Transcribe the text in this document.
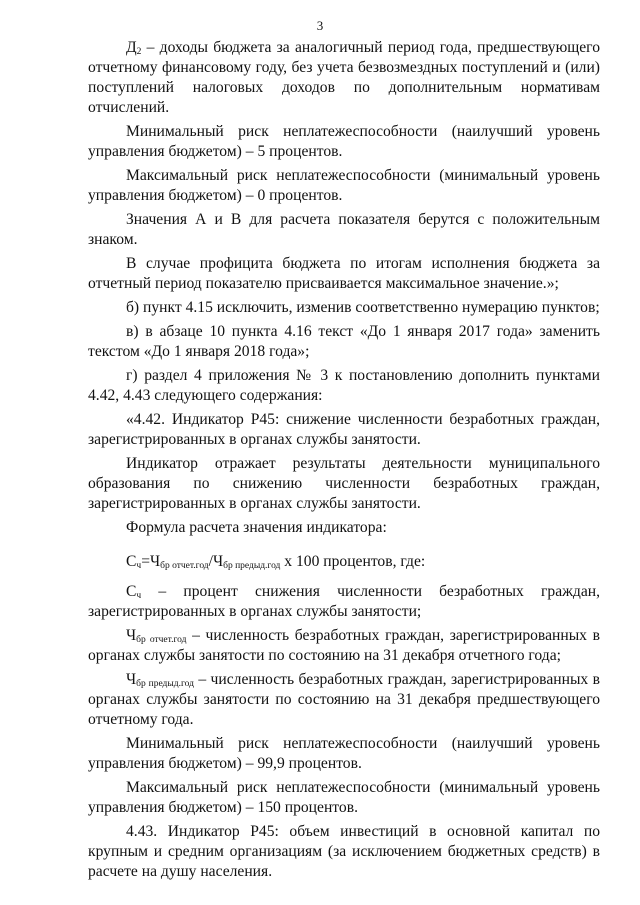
3

$Д_2$ – доходы бюджета за аналогичный период года, предшествующего отчетному финансовому году, без учета безвозмездных поступлений и (или) поступлений налоговых доходов по дополнительным нормативам отчислений.

Минимальный риск неплатежеспособности (наилучший уровень управления бюджетом) – 5 процентов.

Максимальный риск неплатежеспособности (минимальный уровень управления бюджетом) – 0 процентов.

Значения А и В для расчета показателя берутся с положительным знаком.

В случае профицита бюджета по итогам исполнения бюджета за отчетный период показателю присваивается максимальное значение.»;

б) пункт 4.15 исключить, изменив соответственно нумерацию пунктов;

в) в абзаце 10 пункта 4.16 текст «До 1 января 2017 года» заменить текстом «До 1 января 2018 года»;

г) раздел 4 приложения № 3 к постановлению дополнить пунктами 4.42, 4.43 следующего содержания:

«4.42. Индикатор Р45: снижение численности безработных граждан, зарегистрированных в органах службы занятости.

Индикатор отражает результаты деятельности муниципального образования по снижению численности безработных граждан, зарегистрированных в органах службы занятости.

Формула расчета значения индикатора:

$С_ч=Ч_{бр отчет.год}/Ч_{бр предыд.год}$ х 100 процентов, где:

$С_ч$ – процент снижения численности безработных граждан, зарегистрированных в органах службы занятости;

$Ч_{бр отчет.год}$ – численность безработных граждан, зарегистрированных в органах службы занятости по состоянию на 31 декабря отчетного года;

$Ч_{бр предыд.год}$ – численность безработных граждан, зарегистрированных в органах службы занятости по состоянию на 31 декабря предшествующего отчетному года.

Минимальный риск неплатежеспособности (наилучший уровень управления бюджетом) – 99,9 процентов.

Максимальный риск неплатежеспособности (минимальный уровень управления бюджетом) – 150 процентов.

4.43. Индикатор Р45: объем инвестиций в основной капитал по крупным и средним организациям (за исключением бюджетных средств) в расчете на душу населения.
